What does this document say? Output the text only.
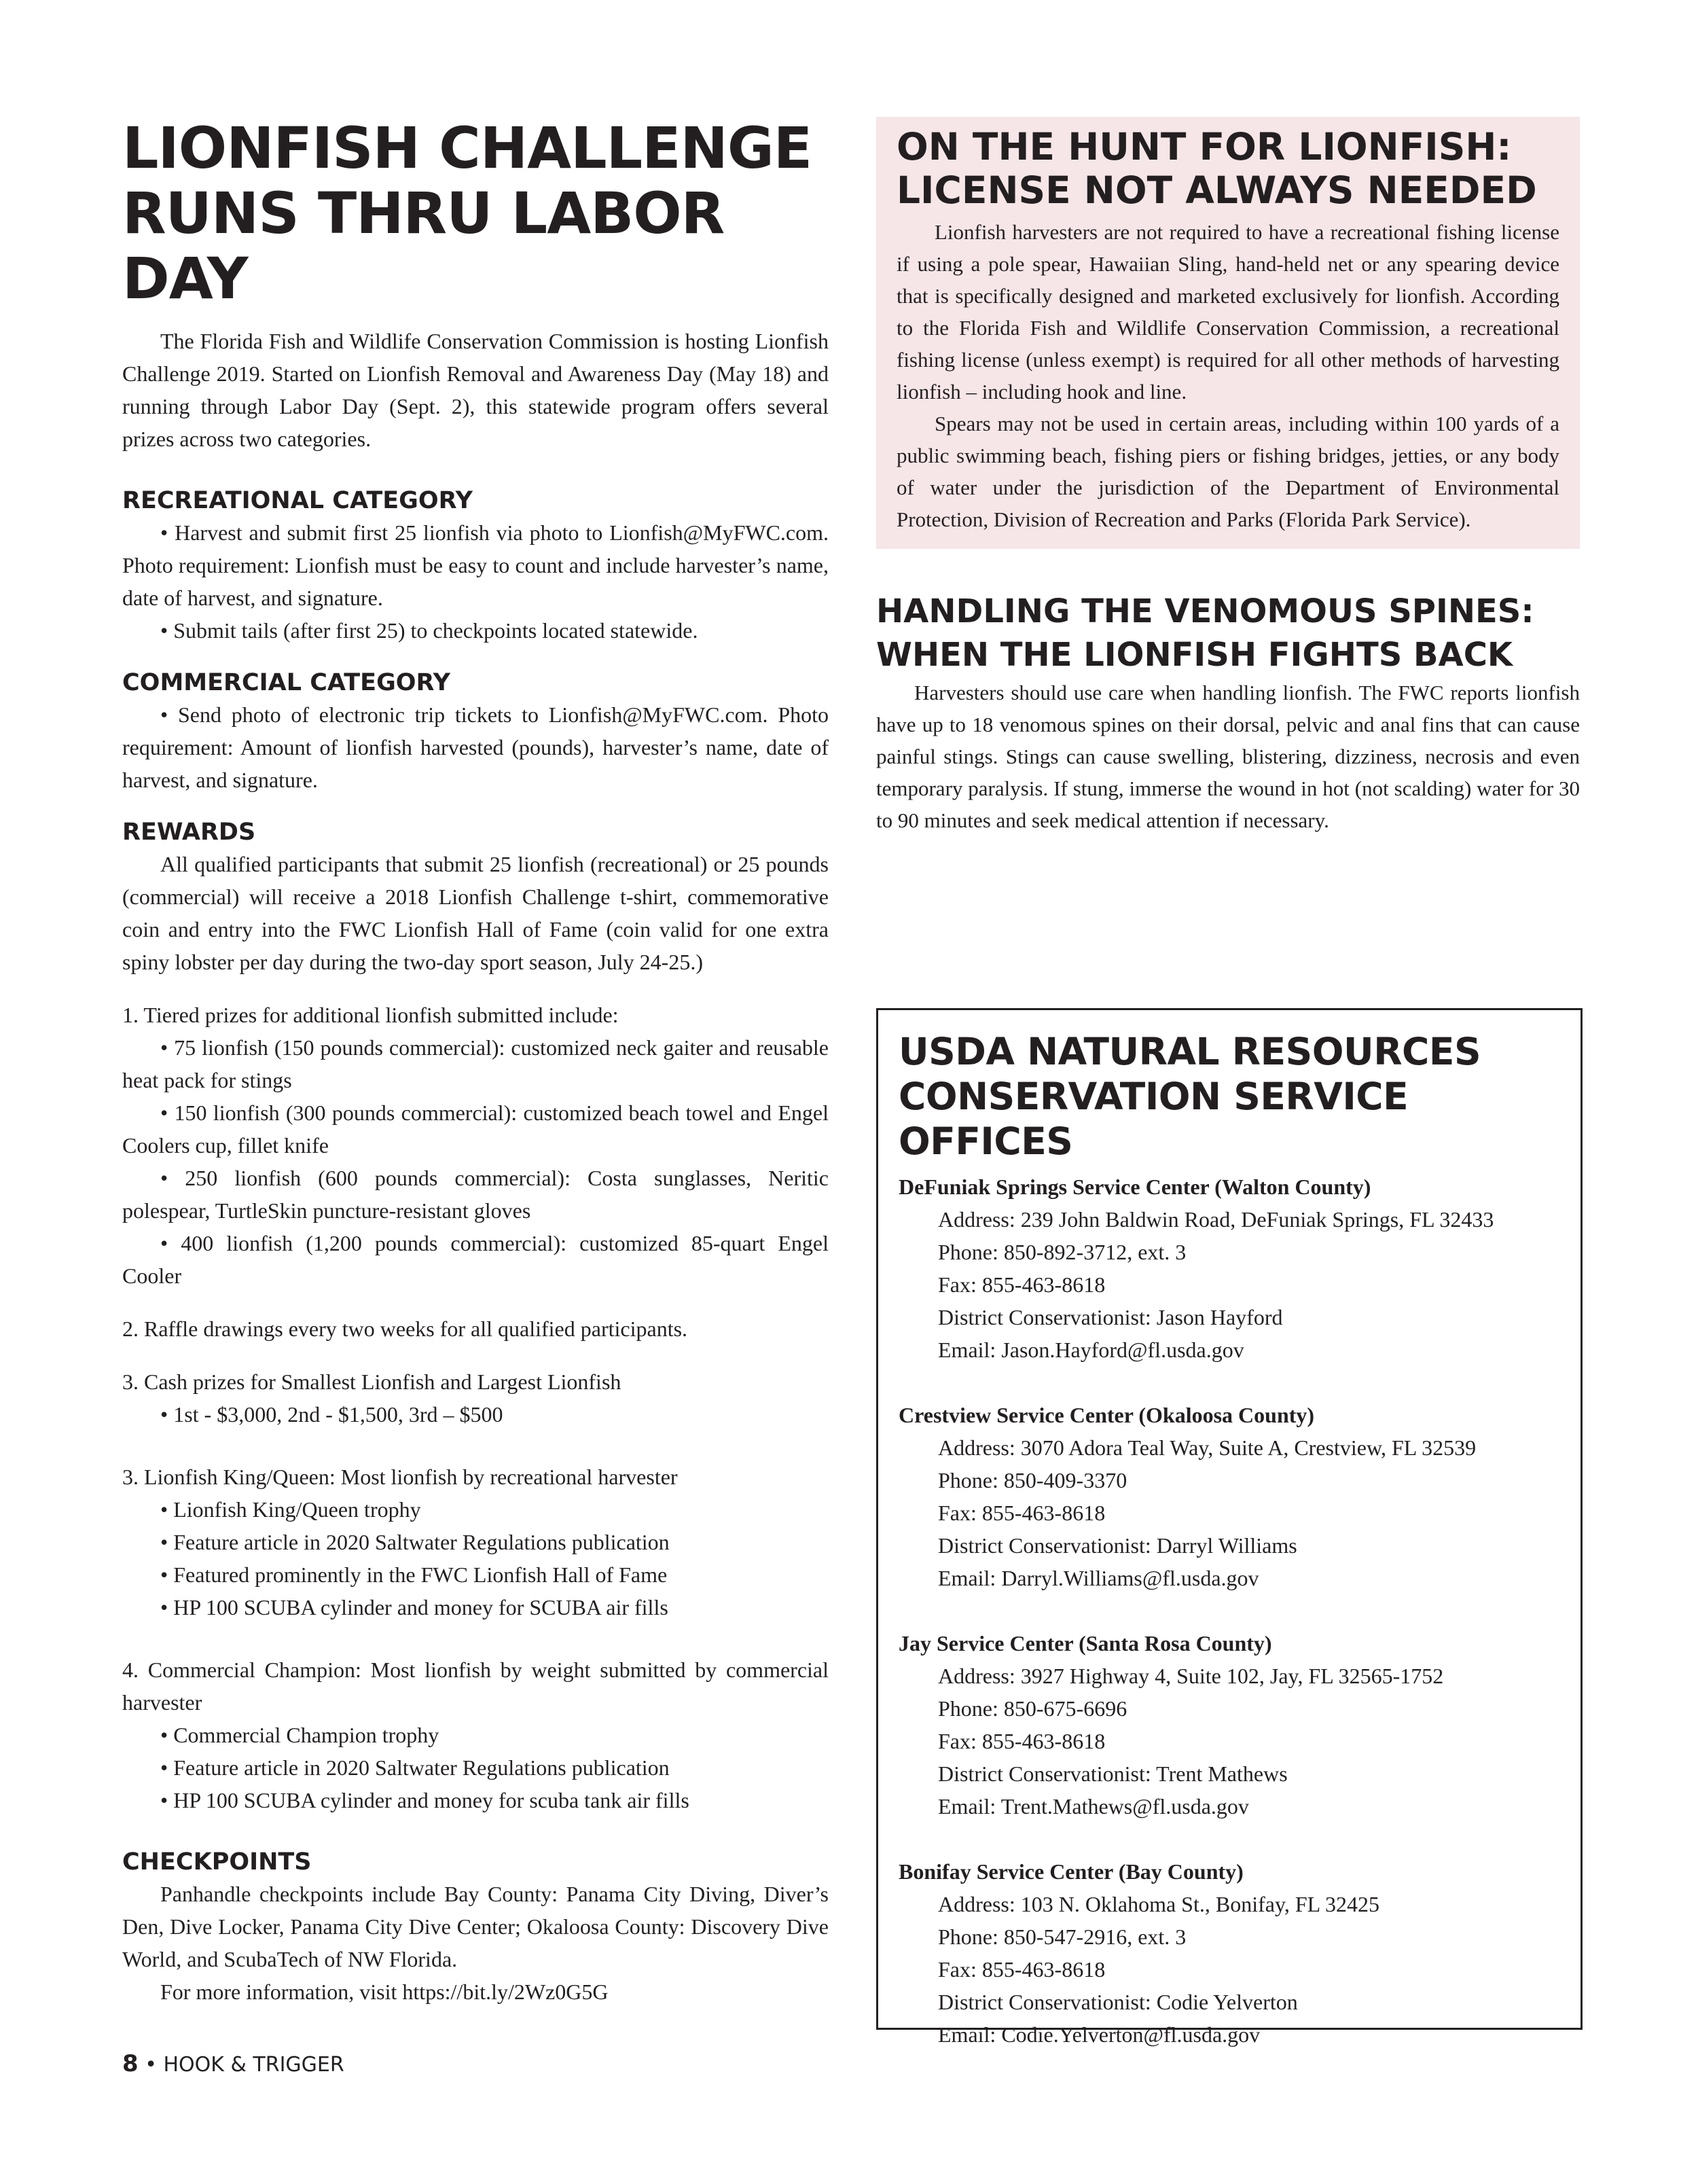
LIONFISH CHALLENGE
RUNS THRU LABOR DAY

The Florida Fish and Wildlife Conservation Commission is hosting Lionfish Challenge 2019. Started on Lionfish Removal and Awareness Day (May 18) and running through Labor Day (Sept. 2), this statewide program offers several prizes across two categories.

RECREATIONAL CATEGORY

• Harvest and submit first 25 lionfish via photo to Lionfish@MyFWC.com. Photo requirement: Lionfish must be easy to count and include harvester’s name, date of harvest, and signature.

• Submit tails (after first 25) to checkpoints located statewide.

COMMERCIAL CATEGORY

• Send photo of electronic trip tickets to Lionfish@MyFWC.com. Photo requirement: Amount of lionfish harvested (pounds), harvester’s name, date of harvest, and signature.

REWARDS

All qualified participants that submit 25 lionfish (recreational) or 25 pounds (commercial) will receive a 2018 Lionfish Challenge t-shirt, commemorative coin and entry into the FWC Lionfish Hall of Fame (coin valid for one extra spiny lobster per day during the two-day sport season, July 24-25.)

1. Tiered prizes for additional lionfish submitted include:

• 75 lionfish (150 pounds commercial): customized neck gaiter and reusable heat pack for stings

• 150 lionfish (300 pounds commercial): customized beach towel and Engel Coolers cup, fillet knife

• 250 lionfish (600 pounds commercial): Costa sunglasses, Neritic polespear, TurtleSkin puncture-resistant gloves

• 400 lionfish (1,200 pounds commercial): customized 85-quart Engel Cooler

2. Raffle drawings every two weeks for all qualified participants.

3. Cash prizes for Smallest Lionfish and Largest Lionfish

• 1st - $3,000, 2nd - $1,500, 3rd – $500

3. Lionfish King/Queen: Most lionfish by recreational harvester

• Lionfish King/Queen trophy

• Feature article in 2020 Saltwater Regulations publication

• Featured prominently in the FWC Lionfish Hall of Fame

• HP 100 SCUBA cylinder and money for SCUBA air fills

4. Commercial Champion: Most lionfish by weight submitted by commercial harvester

• Commercial Champion trophy

• Feature article in 2020 Saltwater Regulations publication

• HP 100 SCUBA cylinder and money for scuba tank air fills

CHECKPOINTS

Panhandle checkpoints include Bay County: Panama City Diving, Diver’s Den, Dive Locker, Panama City Dive Center; Okaloosa County: Discovery Dive World, and ScubaTech of NW Florida.

For more information, visit https://bit.ly/2Wz0G5G

ON THE HUNT FOR LIONFISH:
LICENSE NOT ALWAYS NEEDED

Lionfish harvesters are not required to have a recreational fishing license if using a pole spear, Hawaiian Sling, hand-held net or any spearing device that is specifically designed and marketed exclusively for lionfish. According to the Florida Fish and Wildlife Conservation Commission, a recreational fishing license (unless exempt) is required for all other methods of harvesting lionfish – including hook and line.

Spears may not be used in certain areas, including within 100 yards of a public swimming beach, fishing piers or fishing bridges, jetties, or any body of water under the jurisdiction of the Department of Environmental Protection, Division of Recreation and Parks (Florida Park Service).

HANDLING THE VENOMOUS SPINES:
WHEN THE LIONFISH FIGHTS BACK

Harvesters should use care when handling lionfish. The FWC reports lionfish have up to 18 venomous spines on their dorsal, pelvic and anal fins that can cause painful stings. Stings can cause swelling, blistering, dizziness, necrosis and even temporary paralysis. If stung, immerse the wound in hot (not scalding) water for 30 to 90 minutes and seek medical attention if necessary.

USDA NATURAL RESOURCES
CONSERVATION SERVICE OFFICES

DeFuniak Springs Service Center (Walton County)

Address: 239 John Baldwin Road, DeFuniak Springs, FL 32433

Phone: 850-892-3712, ext. 3

Fax: 855-463-8618

District Conservationist: Jason Hayford

Email: Jason.Hayford@fl.usda.gov

Crestview Service Center (Okaloosa County)

Address: 3070 Adora Teal Way, Suite A, Crestview, FL 32539

Phone: 850-409-3370

Fax: 855-463-8618

District Conservationist: Darryl Williams

Email: Darryl.Williams@fl.usda.gov

Jay Service Center (Santa Rosa County)

Address: 3927 Highway 4, Suite 102, Jay, FL 32565-1752

Phone: 850-675-6696

Fax: 855-463-8618

District Conservationist: Trent Mathews

Email: Trent.Mathews@fl.usda.gov

Bonifay Service Center (Bay County)

Address: 103 N. Oklahoma St., Bonifay, FL 32425

Phone: 850-547-2916, ext. 3

Fax: 855-463-8618

District Conservationist: Codie Yelverton

Email: Codie.Yelverton@fl.usda.gov

8 • HOOK & TRIGGER
